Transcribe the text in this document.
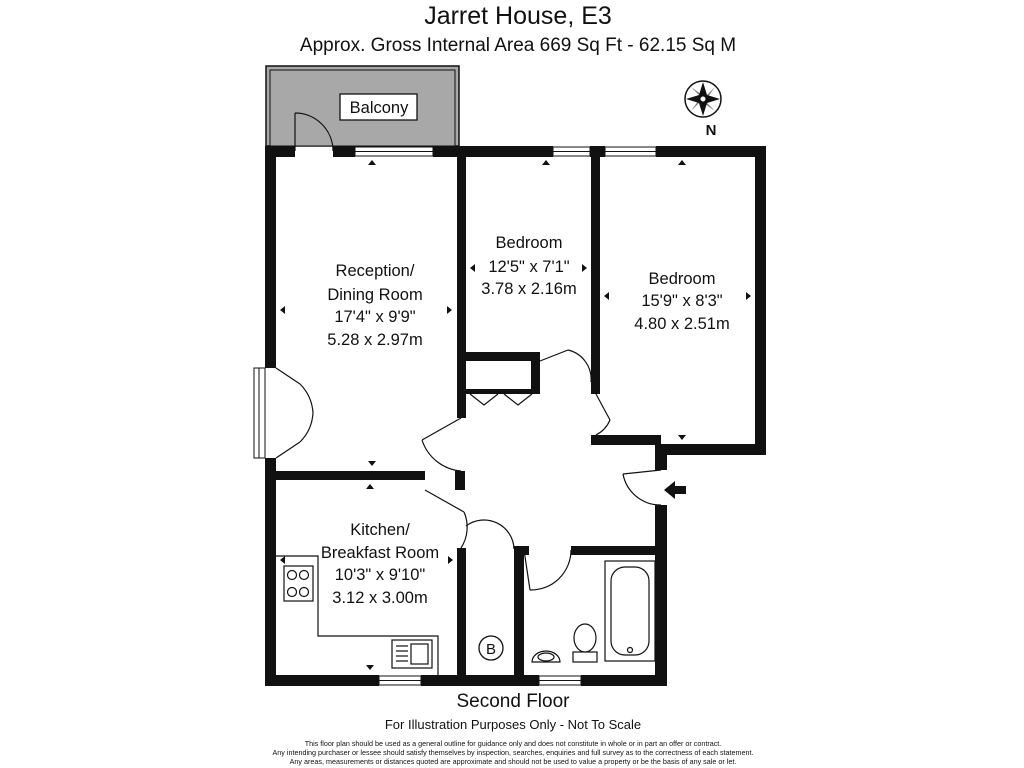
Jarret House, E3
Approx. Gross Internal Area 669 Sq Ft - 62.15 Sq M
N
Balcony
B
Reception/
Dining Room
17'4" x 9'9"
5.28 x 2.97m
Bedroom
12'5" x 7'1"
3.78 x 2.16m
Bedroom
15'9" x 8'3"
4.80 x 2.51m
Kitchen/
Breakfast Room
10'3" x 9'10"
3.12 x 3.00m
Second Floor
For Illustration Purposes Only - Not To Scale
This floor plan should be used as a general outline for guidance only and does not constitute in whole or in part an offer or contract.
Any intending purchaser or lessee should satisfy themselves by inspection, searches, enquiries and full survey as to the correctness of each statement.
Any areas, measurements or distances quoted are approximate and should not be used to value a property or be the basis of any sale or let.
